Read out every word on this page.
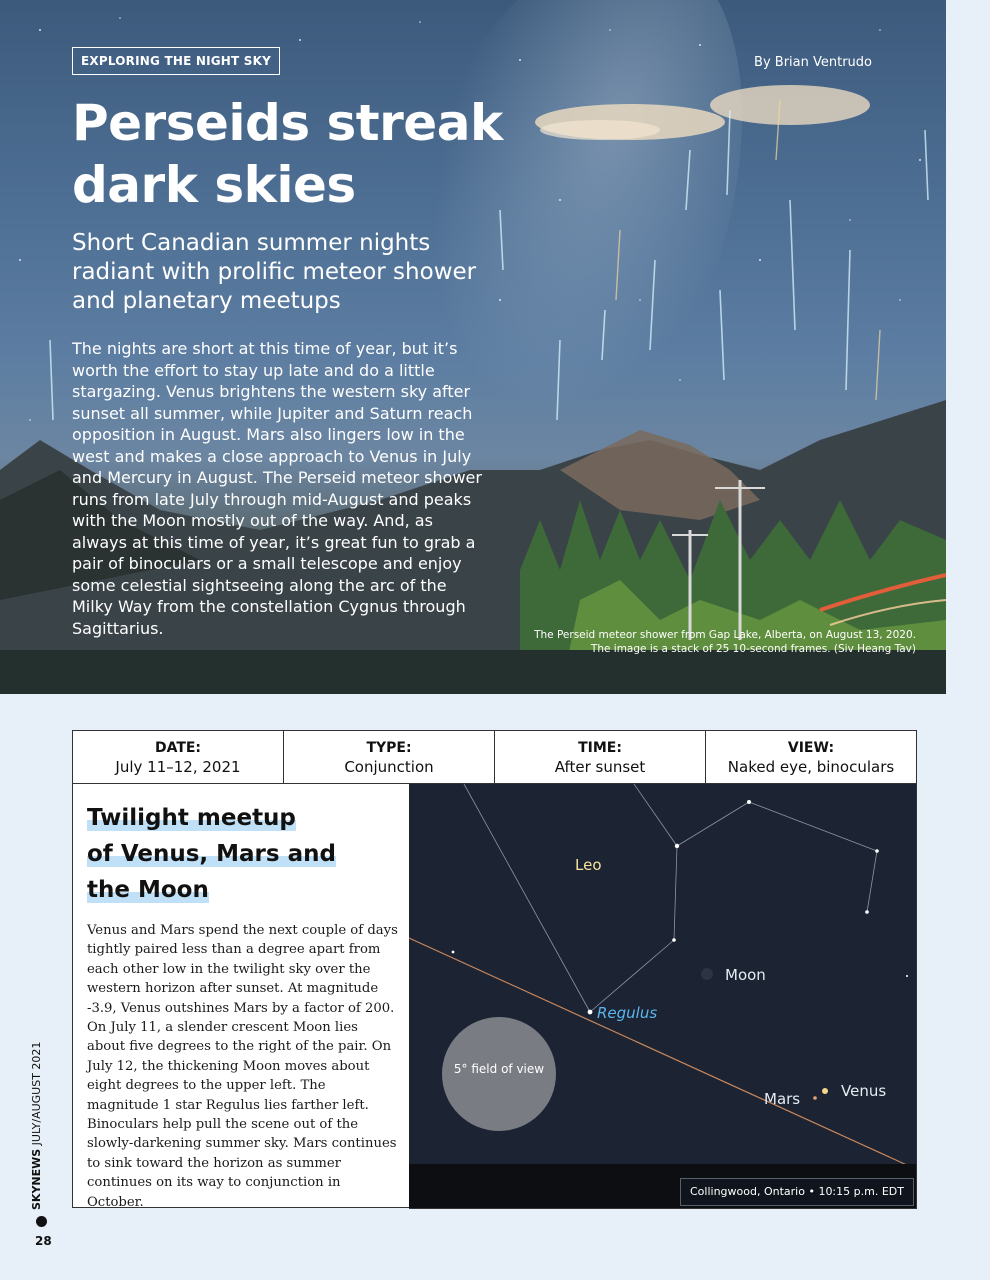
EXPLORING THE NIGHT SKY	By Brian Ventrudo
Perseids streak dark skies

Short Canadian summer nights radiant with prolific meteor shower and planetary meetups

The nights are short at this time of year, but it’s worth the effort to stay up late and do a little stargazing. Venus brightens the western sky after sunset all summer, while Jupiter and Saturn reach opposition in August. Mars also lingers low in the west and makes a close approach to Venus in July and Mercury in August. The Perseid meteor shower runs from late July through mid-August and peaks with the Moon mostly out of the way. And, as always at this time of year, it’s great fun to grab a pair of binoculars or a small telescope and enjoy some celestial sightseeing along the arc of the Milky Way from the constellation Cygnus through Sagittarius.	The Perseid meteor shower from Gap Lake, Alberta, on August 13, 2020. The image is a stack of 25 10-second frames. (Siv Heang Tav)

DATE:
July 11–12, 2021
TYPE:
Conjunction
TIME:
After sunset
VIEW:
Naked eye, binoculars
Twilight meetup
of Venus, Mars and
the Moon

Venus and Mars spend the next couple of days tightly paired less than a degree apart from each other low in the twilight sky over the western horizon after sunset. At magnitude -3.9, Venus outshines Mars by a factor of 200. On July 11, a slender crescent Moon lies about five degrees to the right of the pair. On July 12, the thickening Moon moves about eight degrees to the upper left. The magnitude 1 star Regulus lies farther left. Binoculars help pull the scene out of the slowly-darkening summer sky. Mars continues to sink toward the horizon as summer continues on its way to conjunction in October.

Leo
Moon
Regulus
Mars	Venus
5° field of view
Collingwood, Ontario • 10:15 p.m. EDT
SKYNEWS JULY/AUGUST 2021
28
